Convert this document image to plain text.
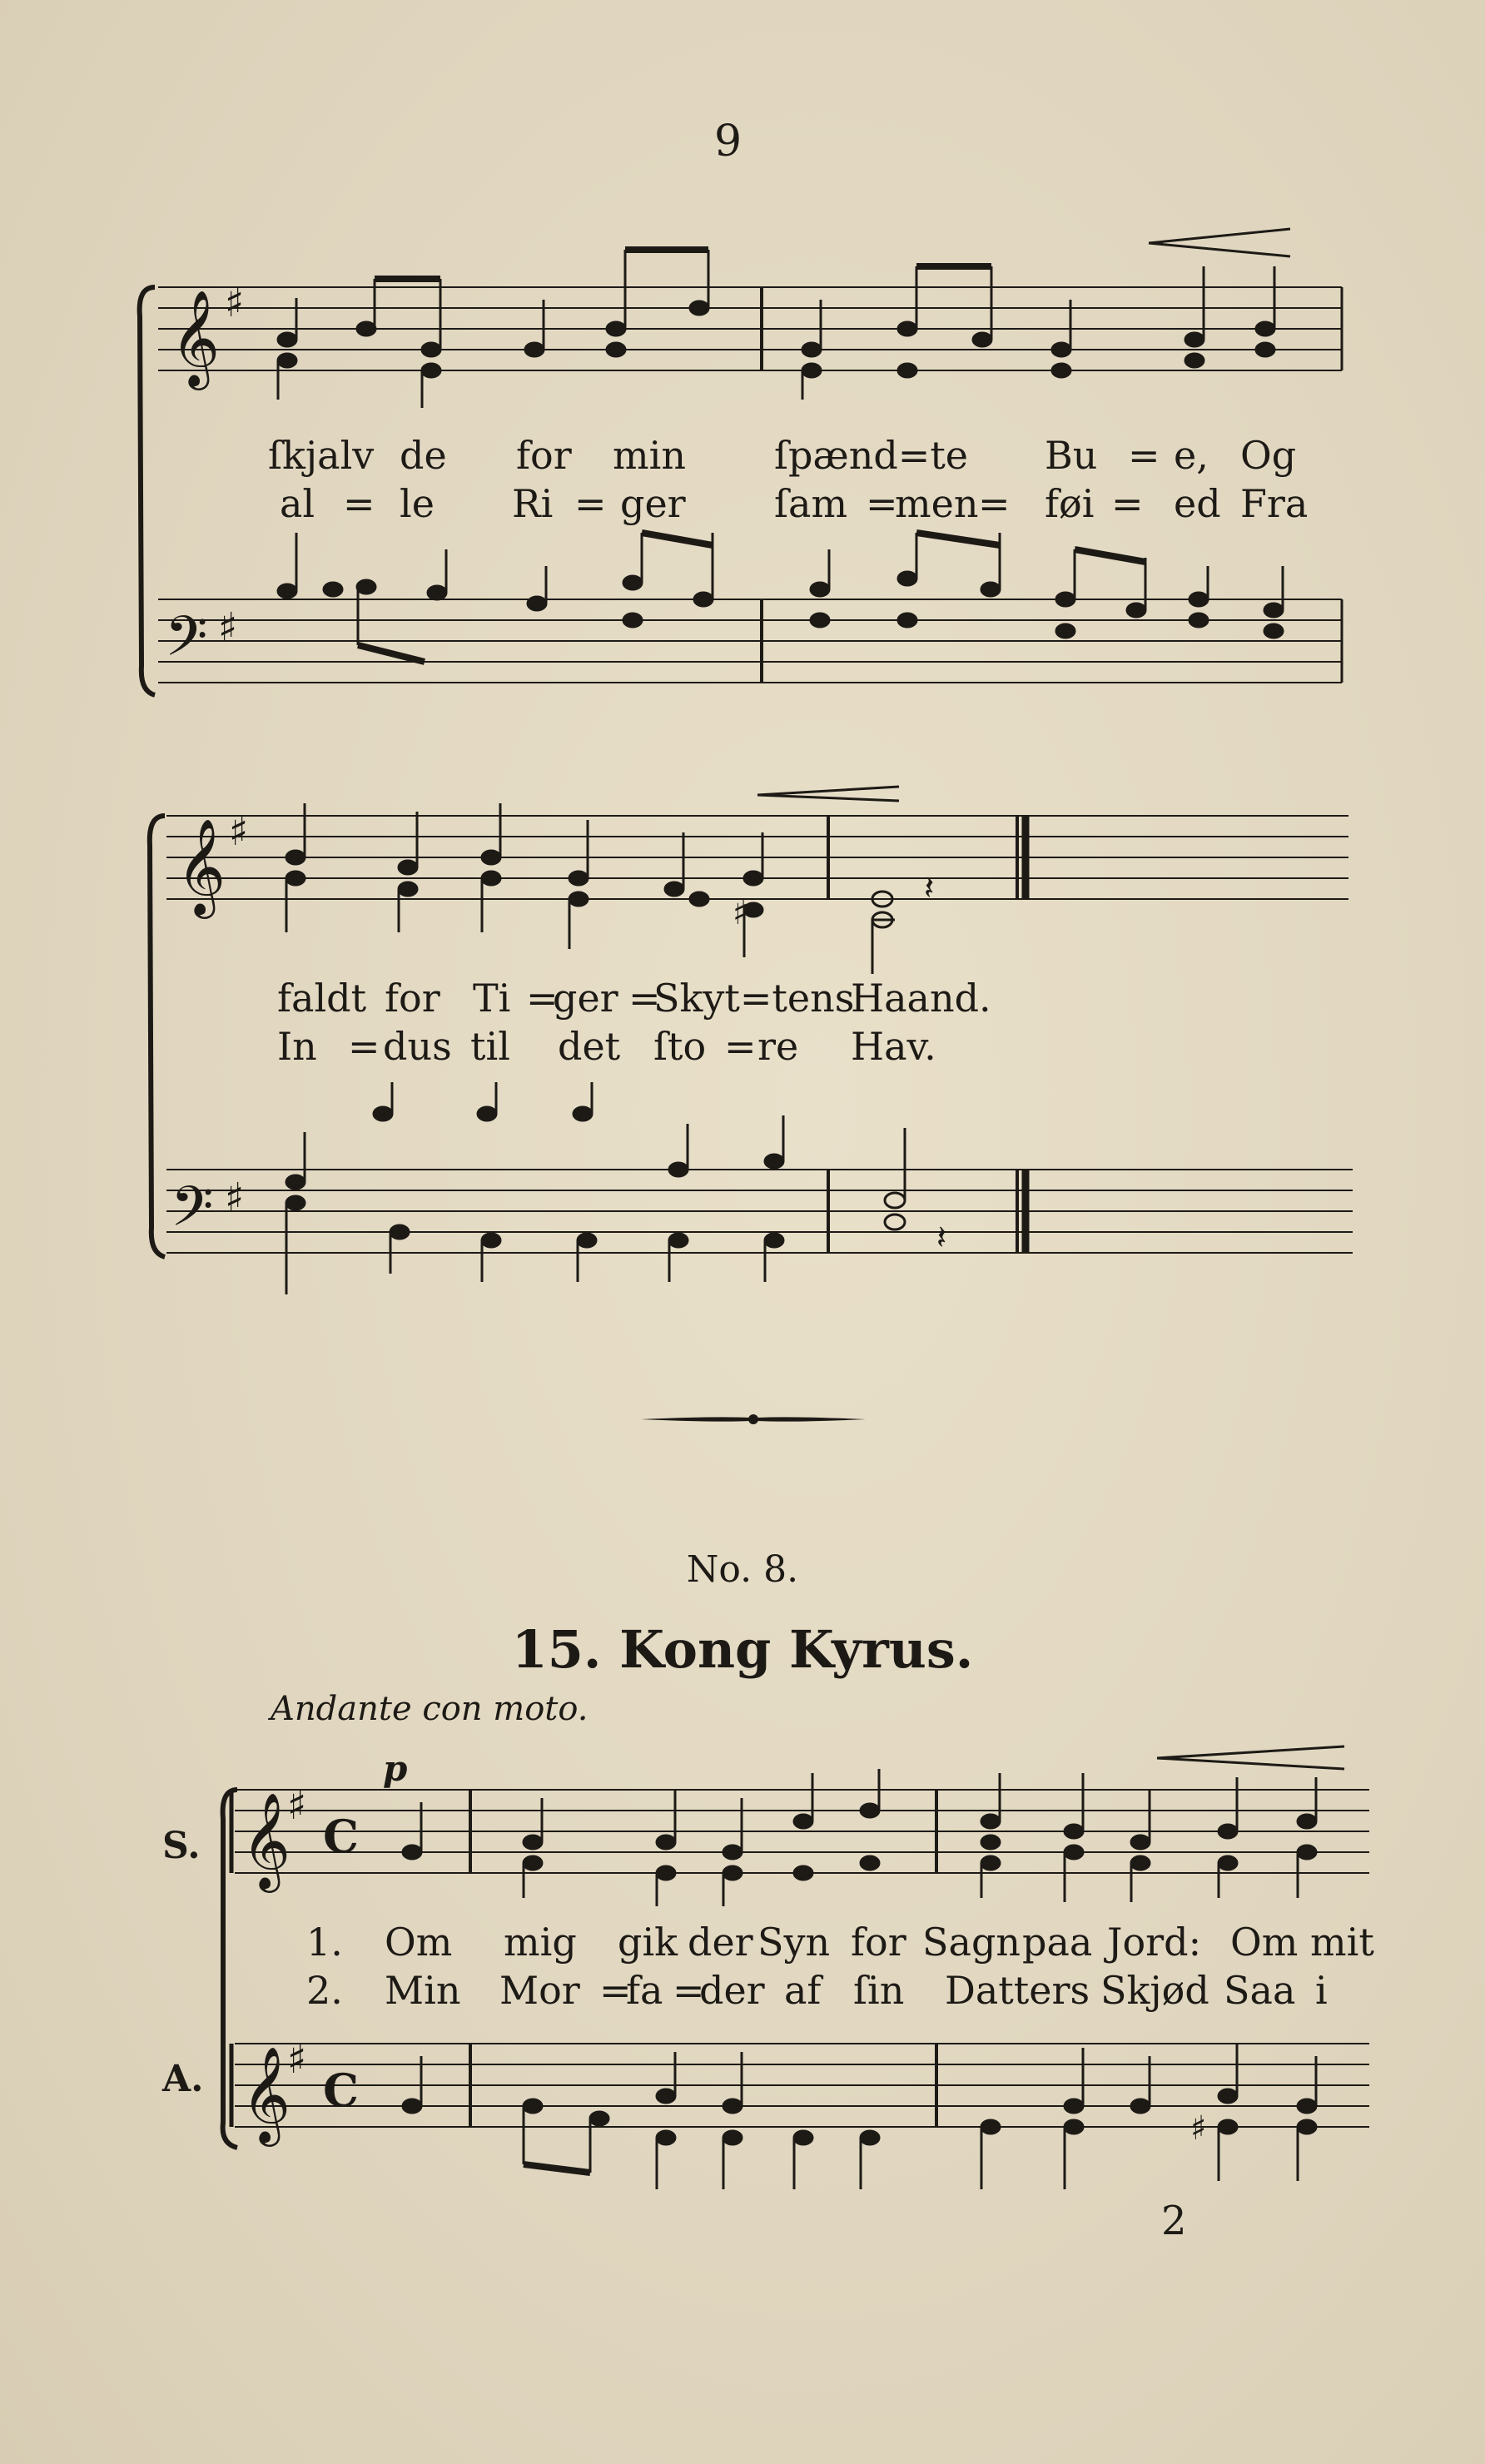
9
𝄞 ♯
𝄢 ♯
ſkjalv de for min ſpænd=te Bu = e, Og
al = le Ri = ger ſam =
men = føi = ed Fra
𝄞 ♯
𝄢 ♯
♯
𝄽
𝄽
faldt for Ti =
ger =
Skyt=tens
Haand.
In = dus til det ſto = re Hav.
No. 8.
15. Kong Kyrus.
Andante con moto.
S.
A.
p
𝄞
♯
C
𝄞
♯
C
♯
1. Om mig gik der Syn for Sagn paa Jord: Om mit
2. Min Mor =
fa =
der af ſin Datters Skjød Saa i
2
